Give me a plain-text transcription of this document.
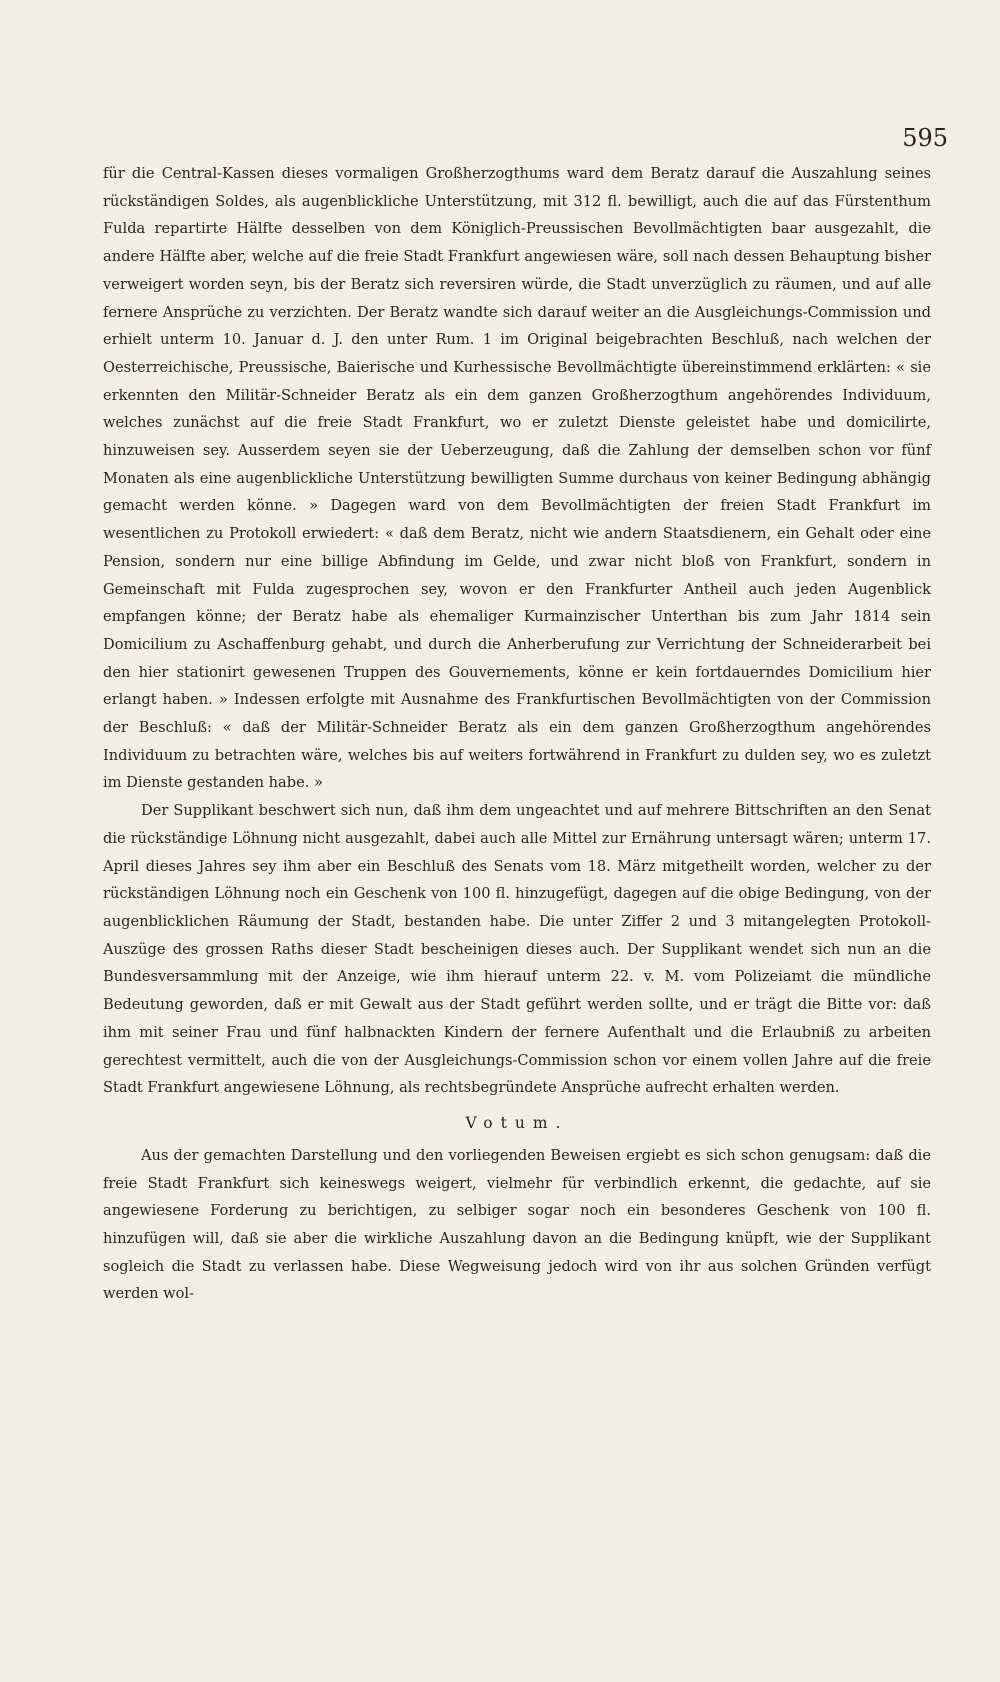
595

für die Central-Kassen dieses vormaligen Großherzogthums ward dem Beratz darauf die Auszahlung seines rückständigen Soldes, als augenblickliche Unterstützung, mit 312 fl. bewilligt, auch die auf das Fürstenthum Fulda repartirte Hälfte desselben von dem Königlich-Preussischen Bevollmächtigten baar ausgezahlt, die andere Hälfte aber, welche auf die freie Stadt Frankfurt angewiesen wäre, soll nach dessen Behauptung bisher verweigert worden seyn, bis der Beratz sich reversiren würde, die Stadt unverzüglich zu räumen, und auf alle fernere Ansprüche zu verzichten. Der Beratz wandte sich darauf weiter an die Ausgleichungs-Commission und erhielt unterm 10. Januar d. J. den unter Rum. 1 im Original beigebrachten Beschluß, nach welchen der Oesterreichische, Preussische, Baierische und Kurhessische Bevollmächtigte übereinstimmend erklärten: « sie erkennten den Militär-Schneider Beratz als ein dem ganzen Großherzogthum angehörendes Individuum, welches zunächst auf die freie Stadt Frankfurt, wo er zuletzt Dienste geleistet habe und domicilirte, hinzuweisen sey. Ausserdem seyen sie der Ueberzeugung, daß die Zahlung der demselben schon vor fünf Monaten als eine augenblickliche Unterstützung bewilligten Summe durchaus von keiner Bedingung abhängig gemacht werden könne. » Dagegen ward von dem Bevollmächtigten der freien Stadt Frankfurt im wesentlichen zu Protokoll erwiedert: « daß dem Beratz, nicht wie andern Staatsdienern, ein Gehalt oder eine Pension, sondern nur eine billige Abfindung im Gelde, und zwar nicht bloß von Frankfurt, sondern in Gemeinschaft mit Fulda zugesprochen sey, wovon er den Frankfurter Antheil auch jeden Augenblick empfangen könne; der Beratz habe als ehemaliger Kurmainzischer Unterthan bis zum Jahr 1814 sein Domicilium zu Aschaffenburg gehabt, und durch die Anherberufung zur Verrichtung der Schneiderarbeit bei den hier stationirt gewesenen Truppen des Gouvernements, könne er kein fortdauerndes Domicilium hier erlangt haben. » Indessen erfolgte mit Ausnahme des Frankfurtischen Bevollmächtigten von der Commission der Beschluß: « daß der Militär-Schneider Beratz als ein dem ganzen Großherzogthum angehörendes Individuum zu betrachten wäre, welches bis auf weiters fortwährend in Frankfurt zu dulden sey, wo es zuletzt im Dienste gestanden habe. »

Der Supplikant beschwert sich nun, daß ihm dem ungeachtet und auf mehrere Bittschriften an den Senat die rückständige Löhnung nicht ausgezahlt, dabei auch alle Mittel zur Ernährung untersagt wären; unterm 17. April dieses Jahres sey ihm aber ein Beschluß des Senats vom 18. März mitgetheilt worden, welcher zu der rückständigen Löhnung noch ein Geschenk von 100 fl. hinzugefügt, dagegen auf die obige Bedingung, von der augenblicklichen Räumung der Stadt, bestanden habe. Die unter Ziffer 2 und 3 mitangelegten Protokoll-Auszüge des grossen Raths dieser Stadt bescheinigen dieses auch. Der Supplikant wendet sich nun an die Bundesversammlung mit der Anzeige, wie ihm hierauf unterm 22. v. M. vom Polizeiamt die mündliche Bedeutung geworden, daß er mit Gewalt aus der Stadt geführt werden sollte, und er trägt die Bitte vor: daß ihm mit seiner Frau und fünf halbnackten Kindern der fernere Aufenthalt und die Erlaubniß zu arbeiten gerechtest vermittelt, auch die von der Ausgleichungs-Commission schon vor einem vollen Jahre auf die freie Stadt Frankfurt angewiesene Löhnung, als rechtsbegründete Ansprüche aufrecht erhalten werden.

Votum.

Aus der gemachten Darstellung und den vorliegenden Beweisen ergiebt es sich schon genugsam: daß die freie Stadt Frankfurt sich keineswegs weigert, vielmehr für verbindlich erkennt, die gedachte, auf sie angewiesene Forderung zu berichtigen, zu selbiger sogar noch ein besonderes Geschenk von 100 fl. hinzufügen will, daß sie aber die wirkliche Auszahlung davon an die Bedingung knüpft, wie der Supplikant sogleich die Stadt zu verlassen habe. Diese Wegweisung jedoch wird von ihr aus solchen Gründen verfügt werden wol-
